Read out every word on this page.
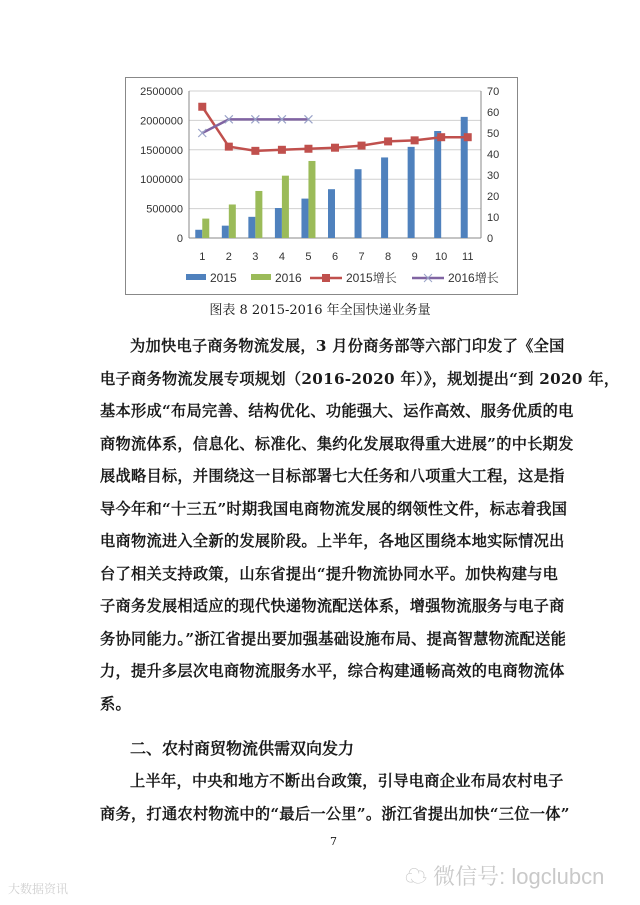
0
500000
1000000
1500000
2000000
2500000
0
10
20
30
40
50
60
70
1 2 3 4 5 6 7 8 9 10 11
2015	2016	2015增长	2016增长
图表 8 2015-2016 年全国快递业务量
为加快电子商务物流发展，3 月份商务部等六部门印发了《全国
电子商务物流发展专项规划（2016-2020 年）》，规划提出“到 2020 年，
基本形成“布局完善、结构优化、功能强大、运作高效、服务优质的电
商物流体系，信息化、标准化、集约化发展取得重大进展”的中长期发
展战略目标，并围绕这一目标部署七大任务和八项重大工程，这是指
导今年和“十三五”时期我国电商物流发展的纲领性文件，标志着我国
电商物流进入全新的发展阶段。上半年，各地区围绕本地实际情况出
台了相关支持政策，山东省提出“提升物流协同水平。加快构建与电
子商务发展相适应的现代快递物流配送体系，增强物流服务与电子商
务协同能力。”浙江省提出要加强基础设施布局、提高智慧物流配送能
力，提升多层次电商物流服务水平，综合构建通畅高效的电商物流体
系。
二、农村商贸物流供需双向发力
上半年，中央和地方不断出台政策，引导电商企业布局农村电子
商务，打通农村物流中的“最后一公里”。浙江省提出加快“三位一体”
7
☁ 微信号: logclubcn
大数据资讯
